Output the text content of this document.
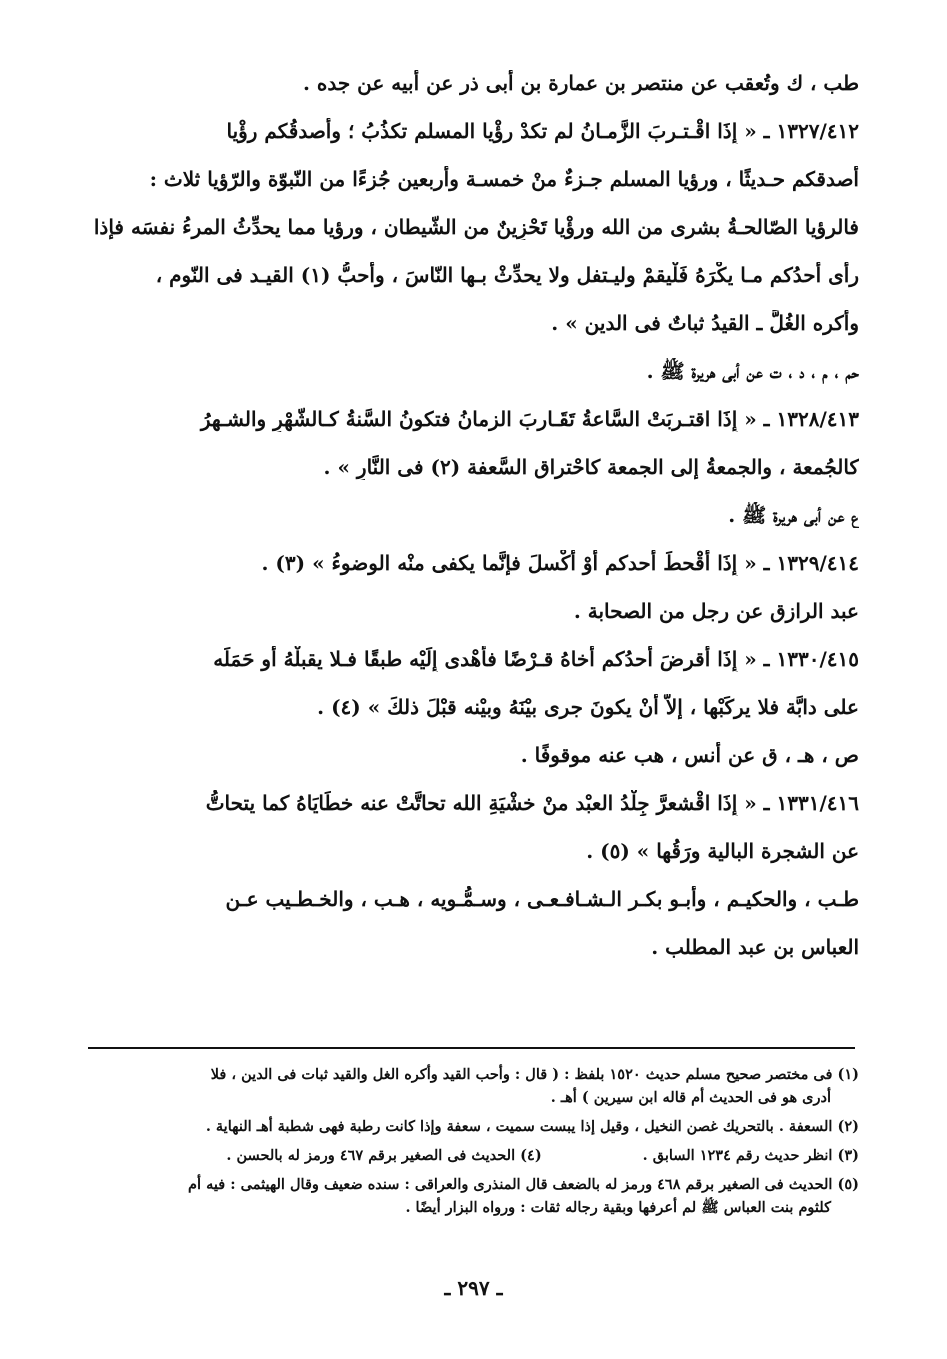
طب ، ك وتُعقب عن منتصر بن عمارة بن أبى ذر عن أبيه عن جده .
١٣٢٧/٤١٢ ـ « إِذَا اقْـتـربَ الزَّمـانُ لم تكدْ رؤْيا المسلمِ تكذُبُ ؛ وأصدقُكم رؤْيا
أصدقكم حـديثًا ، ورؤيا المسلم جـزءٌ منْ خمسـة وأربعين جُزءًا من النّبوّة والرّؤيا ثلاث :
فالرؤيا الصّالحـةُ بشرى من الله ورؤْيا تَحْزِينٌ من الشّيطان ، ورؤيا مما يحدِّثُ المرءُ نفسَه فإذا
رأى أحدُكم مـا يكْرَهُ فَلْيقمْ وليـتفل ولا يحدِّثْ بـها النّاسَ ، وأُحبُّ (١) القيـد فى النّوم ،
وأكره الغُلَّ ـ القيدُ ثباتٌ فى الدين » .
حم ، م ، د ، ت عن أبى هريرة ﷺ .
١٣٢٨/٤١٣ ـ « إِذَا اقتـربَتْ السَّاعةُ تَقَـاربَ الزمانُ فتكونُ السَّنةُ كـالشّهْرِ والشـهرُ
كالجُمعة ، والجمعةُ إلى الجمعة كاحْتراق السَّعفة (٢) فى النَّارِ » .
ع عن أبى هريرة ﷺ .
١٣٢٩/٤١٤ ـ « إِذَا أَقْحطَ أحدكم أَوْ أَكْسلَ فإِنَّما يكفى منْه الوضوءُ » (٣) .
عبد الرازق عن رجل من الصحابة .
١٣٣٠/٤١٥ ـ « إِذَا أَقرضَ أحدُكم أخاهُ قـرْضًا فأَهْدى إِلَيْه طبقًا فـلا يقبلْهُ أو حَمَلَه
على دابَّة فلا يركَبْها ، إلاَّ أَنْ يكونَ جرى بيْنَهُ وبيْنه قبْلَ ذلكَ » (٤) .
ص ، هـ ، ق عن أنس ، هب عنه موقوفًا .
١٣٣١/٤١٦ ـ « إِذَا اقْشعرَّ جِلْدُ العبْد منْ خشْيَةِ الله تحاتَّتْ عنه خطَايَاهُ كما يتحاتُّ
عن الشجرة البالية ورَقُها » (٥) .
طـب ، والحكيـم ، وأبـو بكـر الـشـافـعـى ، وسـمُّـويه ، هـب ، والخـطـيب عـن
العباس بن عبد المطلب .
(١) فى مختصر صحيح مسلم حديث ١٥٢٠ بلفظ : ( قال : وأحب القيد وأكره الغل والقيد ثبات فى الدين ، فلا
أدرى هو فى الحديث أم قاله ابن سيرين ) أهـ .
(٢) السعفة . بالتحريك غصن النخيل ، وقيل إذا يبست سميت ، سعفة وإذا كانت رطبة فهى شطبة أهـ النهاية .
(٣) انظر حديث رقم ١٢٣٤ السابق .                    (٤) الحديث فى الصغير برقم ٤٦٧ ورمز له بالحسن .
(٥) الحديث فى الصغير برقم ٤٦٨ ورمز له بالضعف قال المنذرى والعراقى : سنده ضعيف وقال الهيثمى : فيه أم
كلثوم بنت العباس ﷺ لم أعرفها وبقية رجاله ثقات : ورواه البزار أيضًا .
ـ ٢٩٧ ـ
